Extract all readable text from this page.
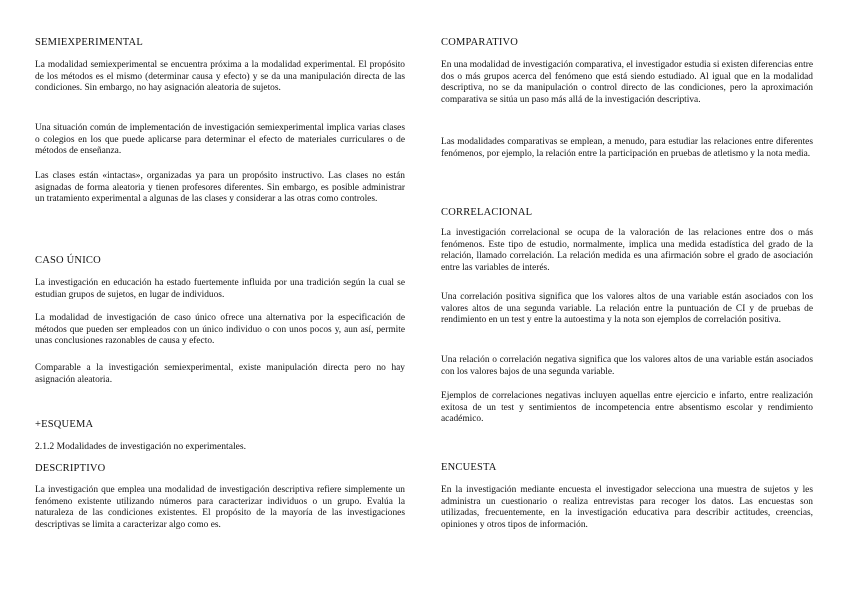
SEMIEXPERIMENTAL

La modalidad semiexperimental se encuentra próxima a la modalidad experimental. El propósito de los métodos es el mismo (determinar causa y efecto) y se da una manipulación directa de las condiciones. Sin embargo, no hay asignación aleatoria de sujetos.

Una situación común de implementación de investigación semiexperimental implica varias clases o colegios en los que puede aplicarse para determinar el efecto de materiales curriculares o de métodos de enseñanza.

Las clases están «intactas», organizadas ya para un propósito instructivo. Las clases no están asignadas de forma aleatoria y tienen profesores diferentes. Sin embargo, es posible administrar un tratamiento experimental a algunas de las clases y considerar a las otras como controles.

CASO ÚNICO

La investigación en educación ha estado fuertemente influida por una tradición según la cual se estudian grupos de sujetos, en lugar de individuos.

La modalidad de investigación de caso único ofrece una alternativa por la especificación de métodos que pueden ser empleados con un único individuo o con unos pocos y, aun así, permite unas conclusiones razonables de causa y efecto.

Comparable a la investigación semiexperimental, existe manipulación directa pero no hay asignación aleatoria.

+ESQUEMA
2.1.2 Modalidades de investigación no experimentales.
DESCRIPTIVO

La investigación que emplea una modalidad de investigación descriptiva refiere simplemente un fenómeno existente utilizando números para caracterizar individuos o un grupo. Evalúa la naturaleza de las condiciones existentes. El propósito de la mayoría de las investigaciones descriptivas se limita a caracterizar algo como es.

COMPARATIVO

En una modalidad de investigación comparativa, el investigador estudia si existen diferencias entre dos o más grupos acerca del fenómeno que está siendo estudiado. Al igual que en la modalidad descriptiva, no se da manipulación o control directo de las condiciones, pero la aproximación comparativa se sitúa un paso más allá de la investigación descriptiva.

Las modalidades comparativas se emplean, a menudo, para estudiar las relaciones entre diferentes fenómenos, por ejemplo, la relación entre la participación en pruebas de atletismo y la nota media.

CORRELACIONAL

La investigación correlacional se ocupa de la valoración de las relaciones entre dos o más fenómenos. Este tipo de estudio, normalmente, implica una medida estadística del grado de la relación, llamado correlación. La relación medida es una afirmación sobre el grado de asociación entre las variables de interés.

Una correlación positiva significa que los valores altos de una variable están asociados con los valores altos de una segunda variable. La relación entre la puntuación de CI y de pruebas de rendimiento en un test y entre la autoestima y la nota son ejemplos de correlación positiva.

Una relación o correlación negativa significa que los valores altos de una variable están asociados con los valores bajos de una segunda variable.

Ejemplos de correlaciones negativas incluyen aquellas entre ejercicio e infarto, entre realización exitosa de un test y sentimientos de incompetencia entre absentismo escolar y rendimiento académico.

ENCUESTA

En la investigación mediante encuesta el investigador selecciona una muestra de sujetos y les administra un cuestionario o realiza entrevistas para recoger los datos. Las encuestas son utilizadas, frecuentemente, en la investigación educativa para describir actitudes, creencias, opiniones y otros tipos de información.
